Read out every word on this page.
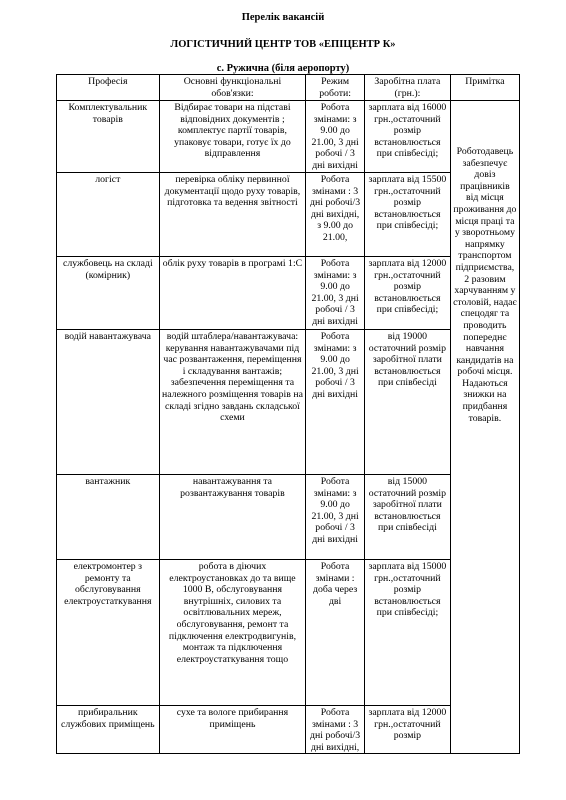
Перелік вакансій
ЛОГІСТИЧНИЙ ЦЕНТР ТОВ «ЕПІЦЕНТР К»
с. Ружична (біля аеропорту)
Професія	Основні функціональні обов'язки:	Режим роботи:	Заробітна плата (грн.):	Примітка
Комплектувальник товарів	Відбирає товари на підставі відповідних документів ; комплектує партії товарів, упаковує товари, готує їх до відправлення	Робота змінами: з 9.00 до 21.00, 3 дні робочі / 3 дні вихідні	зарплата від 16000 грн.,остаточний розмір встановлюється при співбесіді;	Роботодавець забезпечує довіз працівників від місця проживання до місця праці та у зворотньому напрямку транспортом підприємства, 2 разовим харчуванням у столовій, надає спецодяг та проводить попереднє навчання кандидатів на робочі місця. Надаються знижки на придбання товарів.
логіст	перевірка обліку первинної документації щодо руху товарів, підготовка та ведення звітності	Робота змінами : 3 дні робочі/3 дні вихідні, з 9.00 до 21.00,	зарплата від 15500 грн.,остаточний розмір встановлюється при співбесіді;	
службовець на складі (комірник)	облік руху товарів в програмі 1:С	Робота змінами: з 9.00 до 21.00, 3 дні робочі / 3 дні вихідні	зарплата від 12000 грн.,остаточний розмір встановлюється при співбесіді;	
водій навантажувача	водій штаблера/навантажувача: керування навантажувачами під час розвантаження, переміщення і складування вантажів; забезпечення переміщення та належного розміщення товарів на складі згідно завдань складської схеми	Робота змінами: з 9.00 до 21.00, 3 дні робочі / 3 дні вихідні	від 19000 остаточний розмір заробітної плати встановлюється при співбесіді	
вантажник	навантажування та розвантажування товарів	Робота змінами: з 9.00 до 21.00, 3 дні робочі / 3 дні вихідні	від 15000 остаточний розмір заробітної плати встановлюється при співбесіді	
електромонтер з ремонту та обслуговування електроустаткування	робота в діючих електроустановках до та вище 1000 В, обслуговування внутрішніх, силових та освітлювальних мереж, обслуговування, ремонт та підключення електродвигунів, монтаж та підключення електроустаткування тощо	Робота змінами : доба через дві	зарплата від 15000 грн.,остаточний розмір встановлюється при співбесіді;	
прибиральник службових приміщень	сухе та вологе прибирання приміщень	Робота змінами : 3 дні робочі/3 дні вихідні,	зарплата від 12000 грн.,остаточний розмір	
